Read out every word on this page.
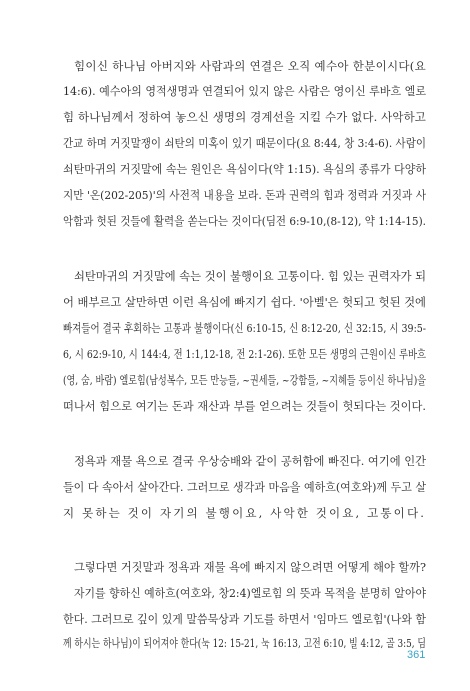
힘이신 하나님 아버지와 사람과의 연결은 오직 예수아 한분이시다(요
14:6). 예수아의 영적생명과 연결되어 있지 않은 사람은 영이신 루바흐 엘로
힘 하나님께서 정하여 놓으신 생명의 경계선을 지킬 수가 없다. 사악하고
간교 하며 거짓말쟁이 쇠탄의 미혹이 있기 때문이다(요 8:44, 창 3:4-6). 사람이
쇠탄마귀의 거짓말에 속는 원인은 욕심이다(약 1:15). 욕심의 종류가 다양하
지만 '온(202-205)'의 사전적 내용을 보라. 돈과 권력의 힘과 정력과 거짓과 사
악함과 헛된 것들에 활력을 쏟는다는 것이다(딤전 6:9-10,(8-12), 약 1:14-15).
쇠탄마귀의 거짓말에 속는 것이 불행이요 고통이다. 힘 있는 권력자가 되
어 배부르고 살만하면 이런 욕심에 빠지기 쉽다. '아벨'은 헛되고 헛된 것에
빠져들어 결국 후회하는 고통과 불행이다(신 6:10-15, 신 8:12-20, 신 32:15, 시 39:5-
6, 시 62:9-10, 시 144:4, 전 1:1,12-18, 전 2:1-26). 또한 모든 생명의 근원이신 루바흐
(영, 숨, 바람) 엘로힘(남성복수, 모든 만능들, ~권세들, ~강함들, ~지혜들 등이신 하나님)을
떠나서 힘으로 여기는 돈과 재산과 부를 얻으려는 것들이 헛되다는 것이다.
정욕과 재물 욕으로 결국 우상숭배와 같이 공허함에 빠진다. 여기에 인간
들이 다 속아서 살아간다. 그러므로 생각과 마음을 예하흐(여호와)께 두고 살
지 못하는 것이 자기의 불행이요, 사악한 것이요, 고통이다.
그렇다면 거짓말과 정욕과 재물 욕에 빠지지 않으려면 어떻게 해야 할까?
자기를 향하신 예하흐(여호와, 창2:4)엘로힘 의 뜻과 목적을 분명히 알아야
한다. 그러므로 깊이 있게 말씀묵상과 기도를 하면서 '임마드 엘로힘'(나와 함
께 하시는 하나님)이 되어져야 한다(눅 12: 15-21, 눅 16:13, 고전 6:10, 빌 4:12, 골 3:5, 딤
361
